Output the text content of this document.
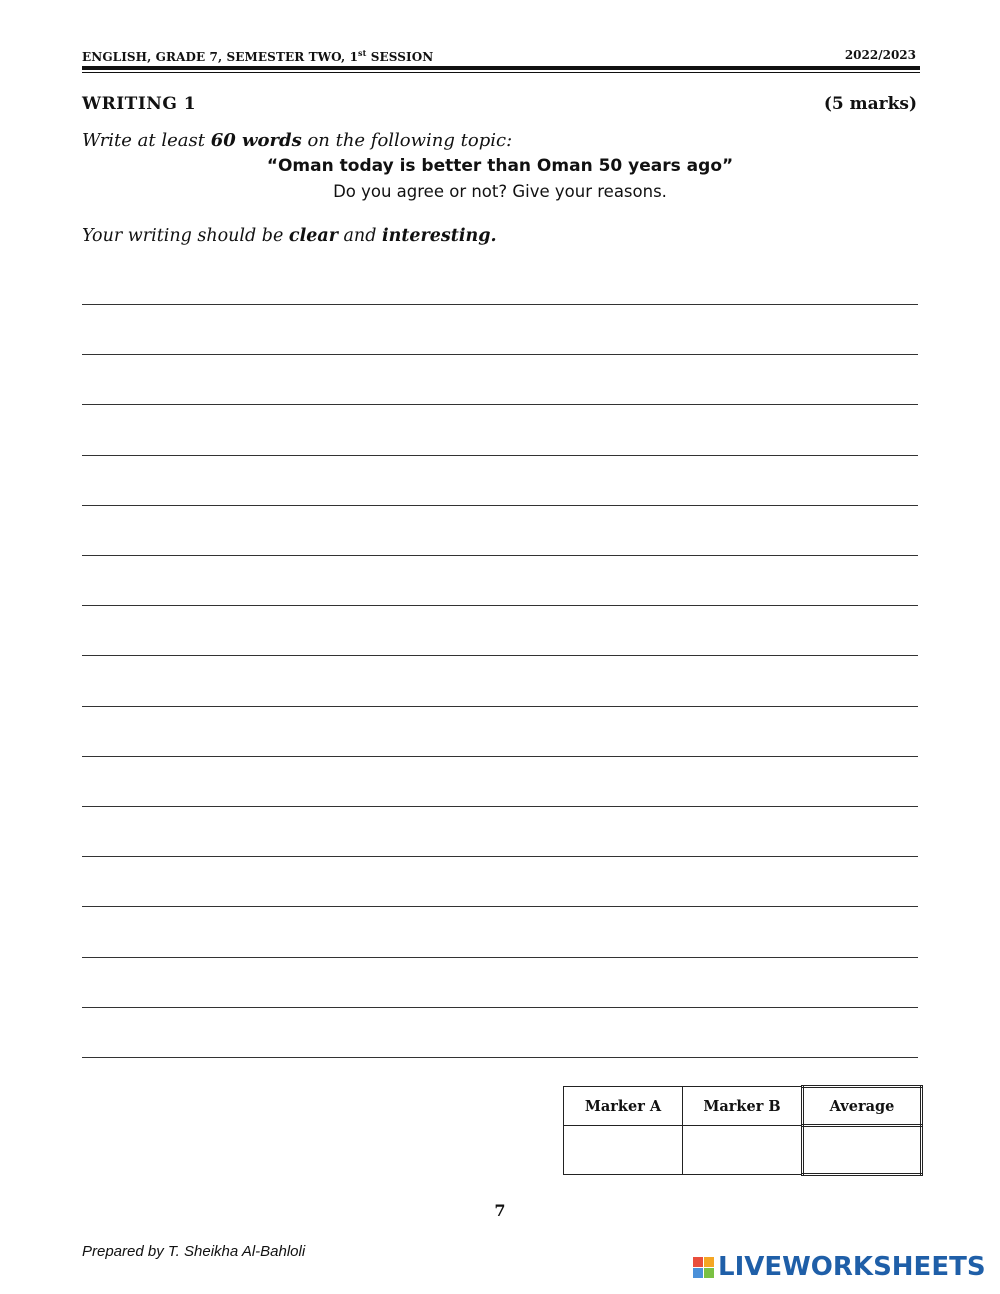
ENGLISH, GRADE 7, SEMESTER TWO, 1st SESSION	2022/2023
WRITING 1	(5 marks)
Write at least 60 words on the following topic:
“Oman today is better than Oman 50 years ago”
Do you agree or not? Give your reasons.
Your writing should be clear and interesting.
Marker A	Marker B	Average

7
Prepared by T. Sheikha Al-Bahloli
LIVEWORKSHEETS
